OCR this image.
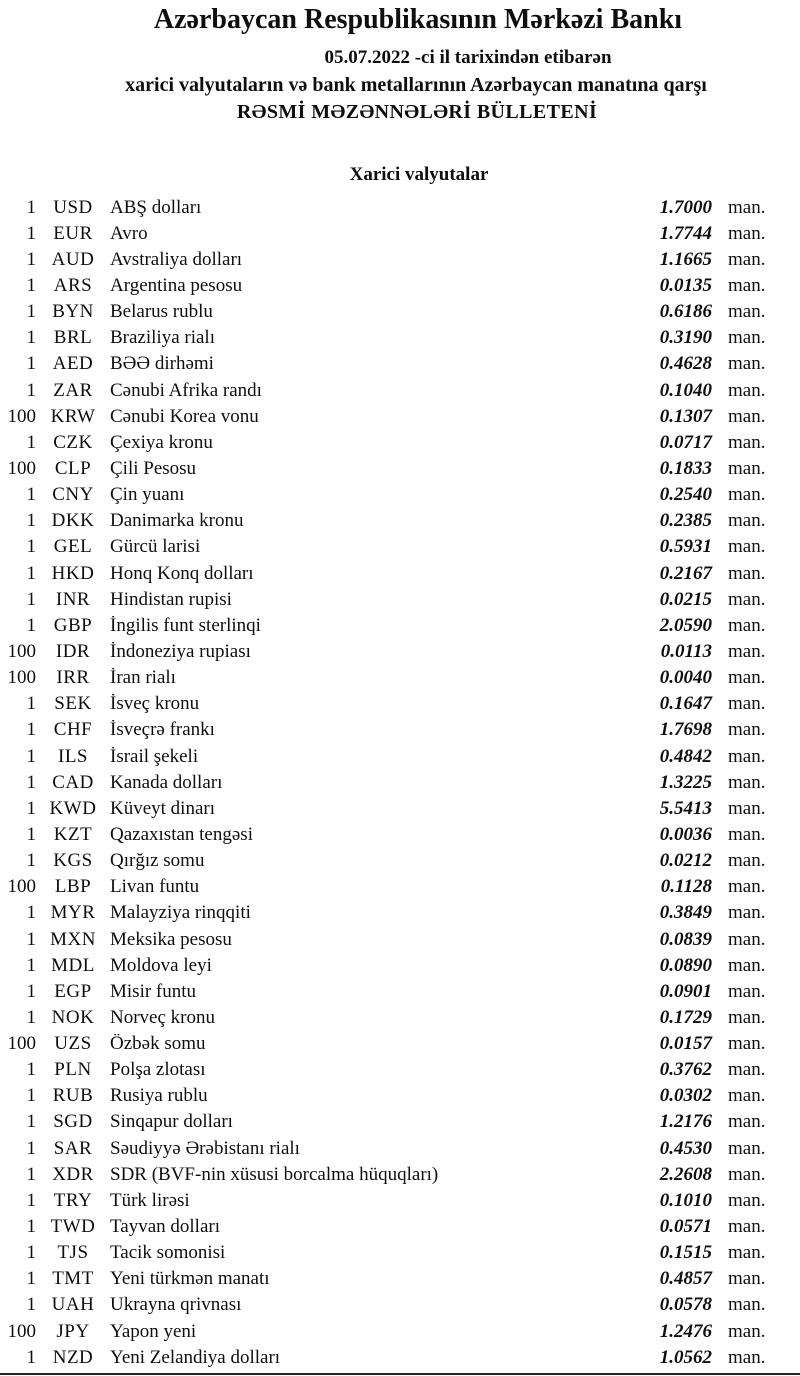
Azərbaycan Respublikasının Mərkəzi Bankı
05.07.2022 -ci il tarixindən etibarən
xarici valyutaların və bank metallarının Azərbaycan manatına qarşı
RƏSMİ MƏZƏNNƏLƏRİ BÜLLETENİ
Xarici valyutalar
1 USD ABŞ dolları	1.7000 man.
1 EUR Avro	1.7744 man.
1 AUD Avstraliya dolları	1.1665 man.
1 ARS Argentina pesosu	0.0135 man.
1 BYN Belarus rublu	0.6186 man.
1 BRL Braziliya rialı	0.3190 man.
1 AED BƏƏ dirhəmi	0.4628 man.
1 ZAR Cənubi Afrika randı	0.1040 man.
100 KRW Cənubi Korea vonu	0.1307 man.
1 CZK Çexiya kronu	0.0717 man.
100 CLP Çili Pesosu	0.1833 man.
1 CNY Çin yuanı	0.2540 man.
1 DKK Danimarka kronu	0.2385 man.
1 GEL Gürcü larisi	0.5931 man.
1 HKD Honq Konq dolları	0.2167 man.
1	INR	Hindistan rupisi	0.0215 man.
1 GBP İngilis funt sterlinqi	2.0590 man.
100	IDR	İndoneziya rupiası	0.0113 man.
100	IRR	İran rialı	0.0040 man.
1 SEK İsveç kronu	0.1647 man.
1 CHF İsveçrə frankı	1.7698 man.
1	ILS	İsrail şekeli	0.4842 man.
1 CAD Kanada dolları	1.3225 man.
1 KWD Küveyt dinarı	5.5413 man.
1 KZT Qazaxıstan tengəsi	0.0036 man.
1 KGS Qırğız somu	0.0212 man.
100 LBP Livan funtu	0.1128 man.
1 MYR Malayziya rinqqiti	0.3849 man.
1 MXN Meksika pesosu	0.0839 man.
1 MDL Moldova leyi	0.0890 man.
1 EGP Misir funtu	0.0901 man.
1 NOK Norveç kronu	0.1729 man.
100 UZS Özbək somu	0.0157 man.
1 PLN Polşa zlotası	0.3762 man.
1 RUB Rusiya rublu	0.0302 man.
1 SGD Sinqapur dolları	1.2176 man.
1 SAR Səudiyyə Ərəbistanı rialı	0.4530 man.
1 XDR SDR (BVF-nin xüsusi borcalma hüquqları)	2.2608 man.
1 TRY Türk lirəsi	0.1010 man.
1 TWD Tayvan dolları	0.0571 man.
1	TJS	Tacik somonisi	0.1515 man.
1 TMT Yeni türkmən manatı	0.4857 man.
1 UAH Ukrayna qrivnası	0.0578 man.
100	JPY	Yapon yeni	1.2476 man.
1 NZD Yeni Zelandiya dolları	1.0562 man.
